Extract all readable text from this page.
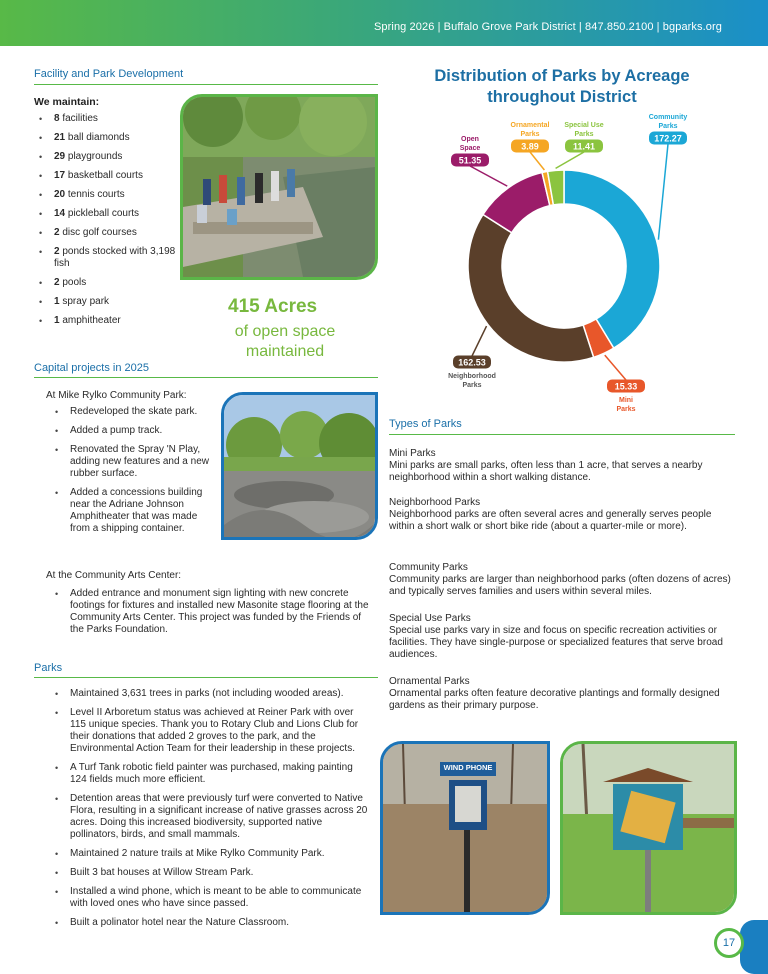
Spring 2026 | Buffalo Grove Park District | 847.850.2100 | bgparks.org
Facility and Park Development
We maintain:
• 8 facilities
• 21 ball diamonds
• 29 playgrounds
• 17 basketball courts
• 20 tennis courts
• 14 pickleball courts
• 2 disc golf courses
• 2 ponds stocked with 3,198 fish
• 2 pools
• 1 spray park
• 1 amphitheater
415 Acres
of open space maintained
Capital projects in 2025
At Mike Rylko Community Park:
• Redeveloped the skate park.
• Added a pump track.
• Renovated the Spray 'N Play, adding new features and a new rubber surface.
• Added a concessions building near the Adriane Johnson Amphitheater that was made from a shipping container.
At the Community Arts Center:
• Added entrance and monument sign lighting with new concrete footings for fixtures and installed new Masonite stage flooring at the Community Arts Center. This project was funded by the Friends of the Parks Foundation.
Parks
• Maintained 3,631 trees in parks (not including wooded areas).
• Level II Arboretum status was achieved at Reiner Park with over 115 unique species. Thank you to Rotary Club and Lions Club for their donations that added 2 groves to the park, and the Environmental Action Team for their leadership in these projects.
• A Turf Tank robotic field painter was purchased, making painting 124 fields much more efficient.
• Detention areas that were previously turf were converted to Native Flora, resulting in a significant increase of native grasses across 20 acres. Doing this increased biodiversity, supported native pollinators, birds, and small mammals.
• Maintained 2 nature trails at Mike Rylko Community Park.
• Built 3 bat houses at Willow Stream Park.
• Installed a wind phone, which is meant to be able to communicate with loved ones who have since passed.
• Built a polinator hotel near the Nature Classroom.
Distribution of Parks by Acreage throughout District
172.27
Community
Parks
15.33
Mini
Parks
162.53
Neighborhood
Parks
51.35
Open
Space	3.89
Ornamental
Parks
11.41
Special Use
Parks
Types of Parks
Mini Parks
Mini parks are small parks, often less than 1 acre, that serves a nearby neighborhood within a short walking distance.
Neighborhood Parks
Neighborhood parks are often several acres and generally serves people within a short walk or short bike ride (about a quarter-mile or more).
Community Parks
Community parks are larger than neighborhood parks (often dozens of acres) and typically serves families and users within several miles.
Special Use Parks
Special use parks vary in size and focus on specific recreation activities or facilities. They have single-purpose or specialized features that serve broad audiences.
Ornamental Parks
Ornamental parks often feature decorative plantings and formally designed gardens as their primary purpose.
WIND PHONE
17
